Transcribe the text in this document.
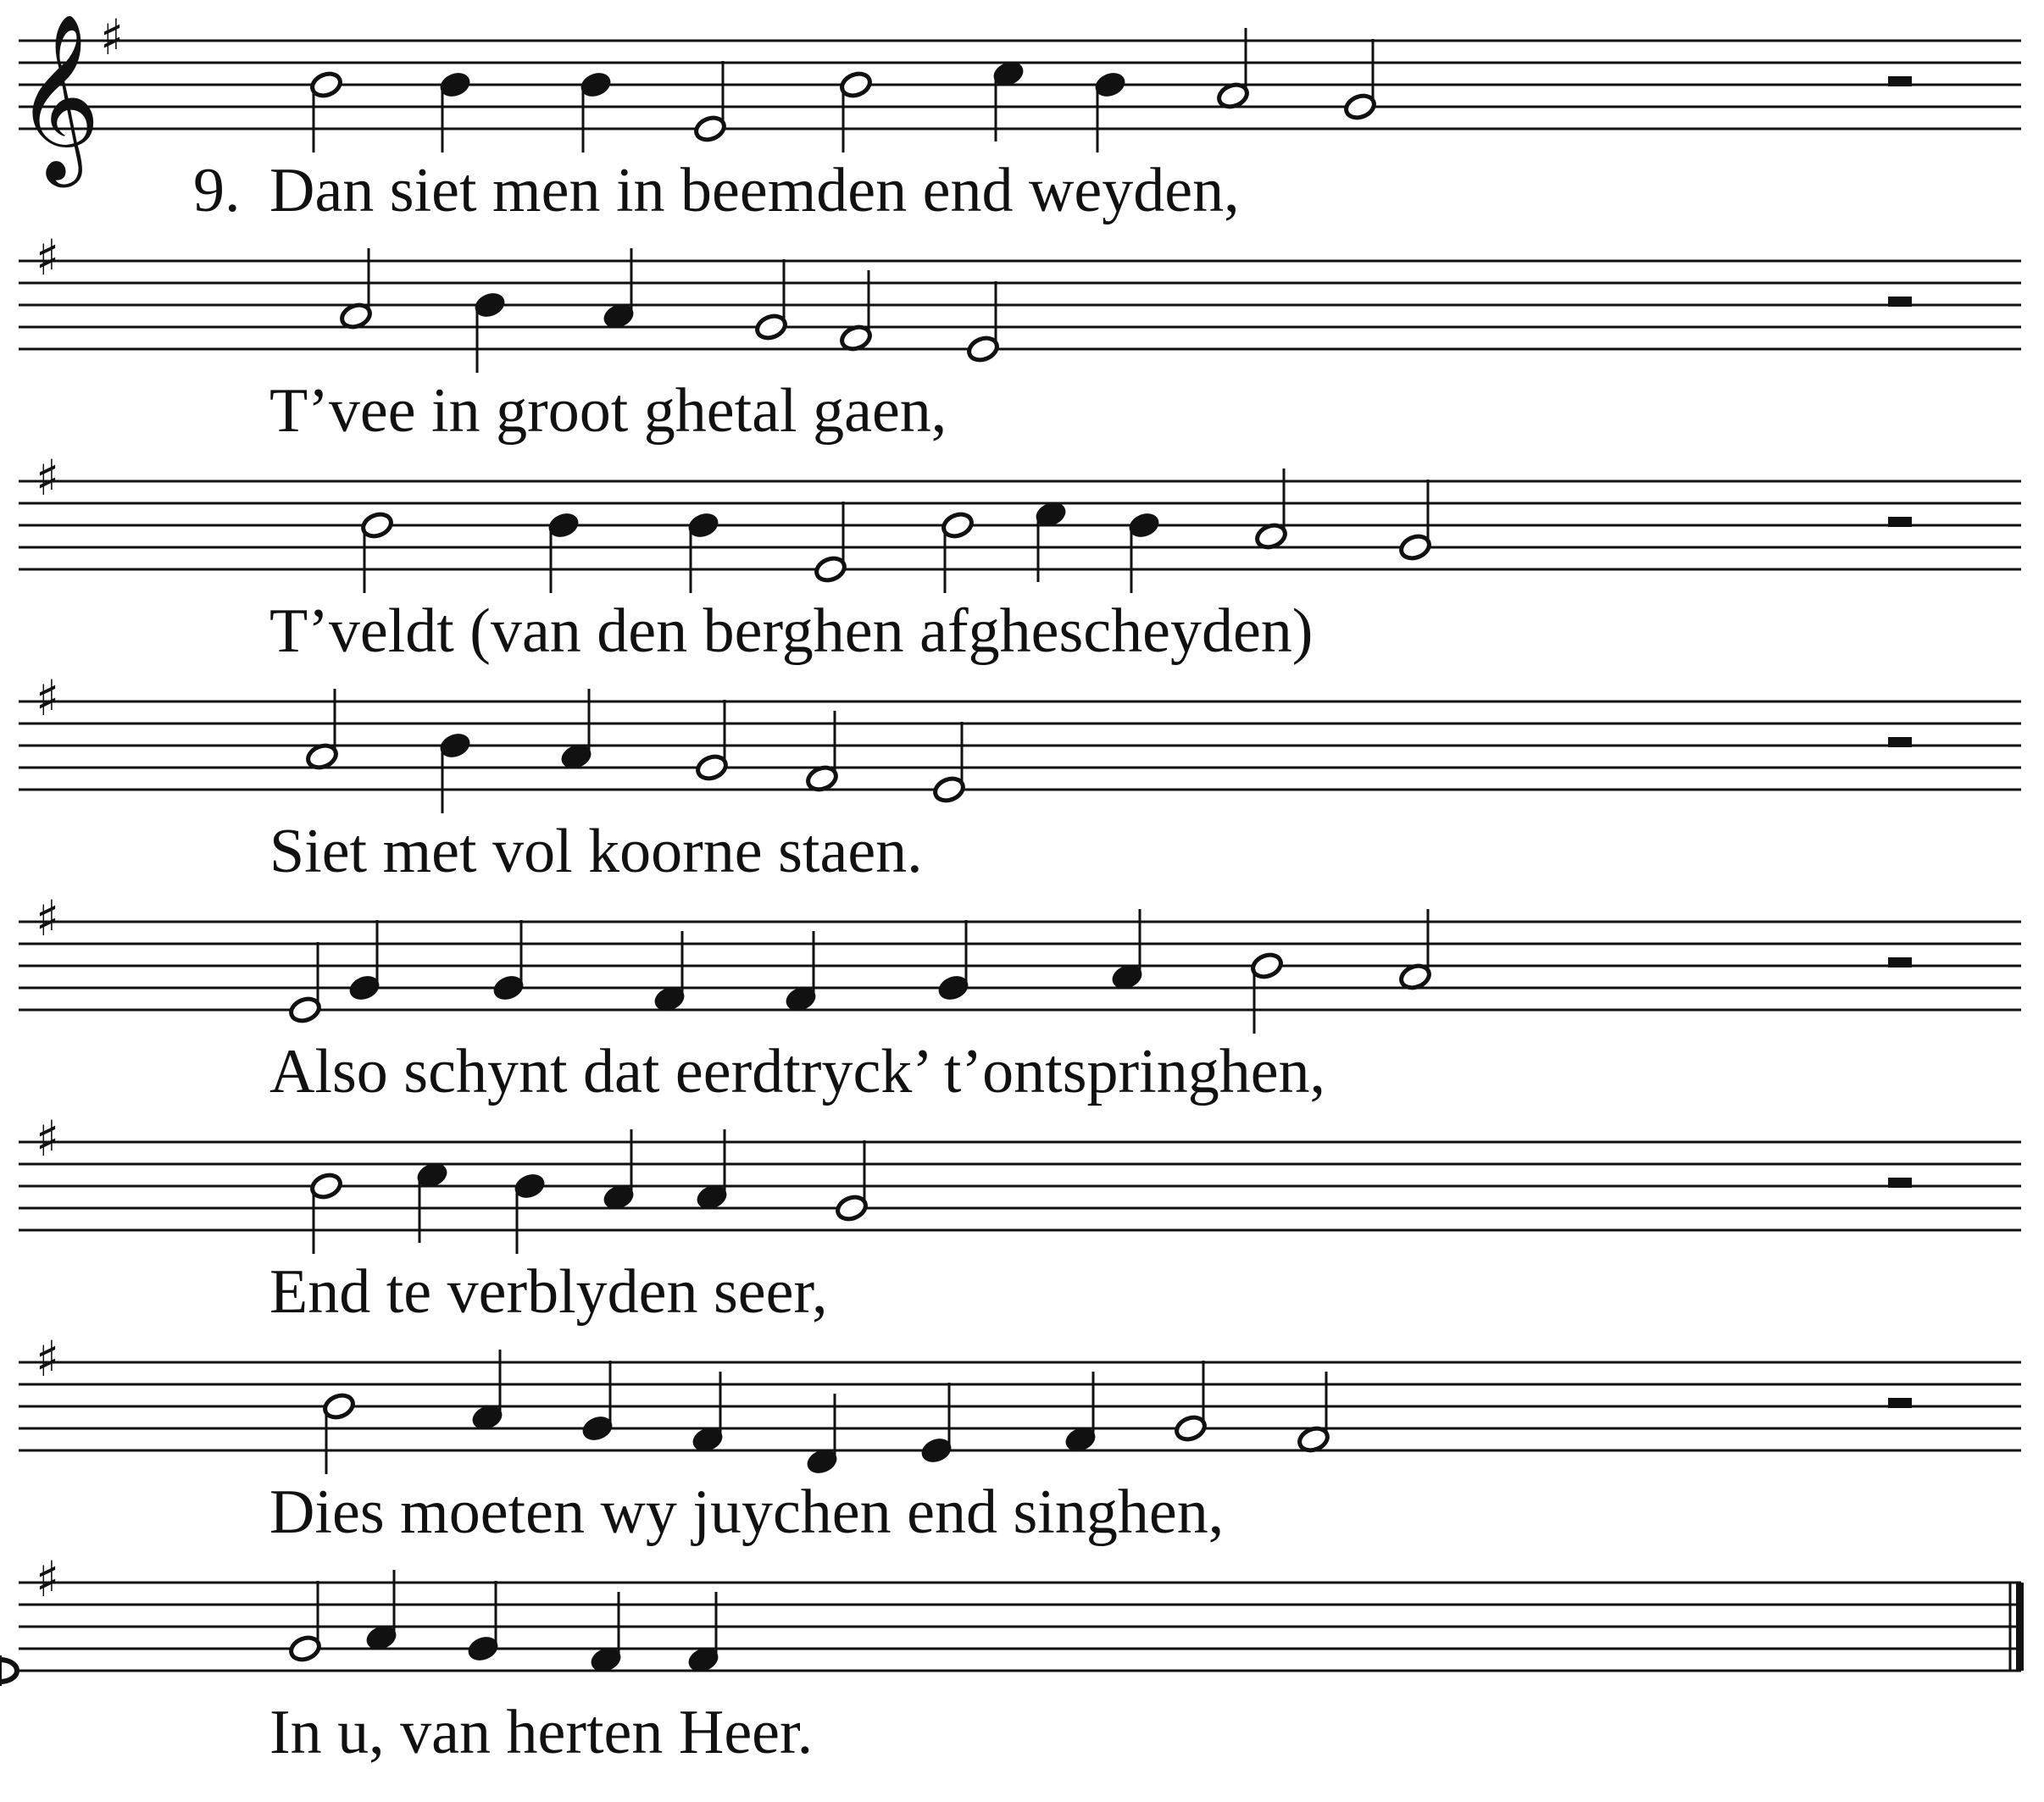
𝄞 ♯
♯
♯
♯
♯
♯
♯
♯
9. Dan siet men in beemden end weyden,
T’vee in groot ghetal gaen,
T’veldt (van den berghen afghescheyden)
Siet met vol koorne staen.
Also schynt dat eerdtryck’ t’ontspringhen,
End te verblyden seer,
Dies moeten wy juychen end singhen,
In u, van herten Heer.
